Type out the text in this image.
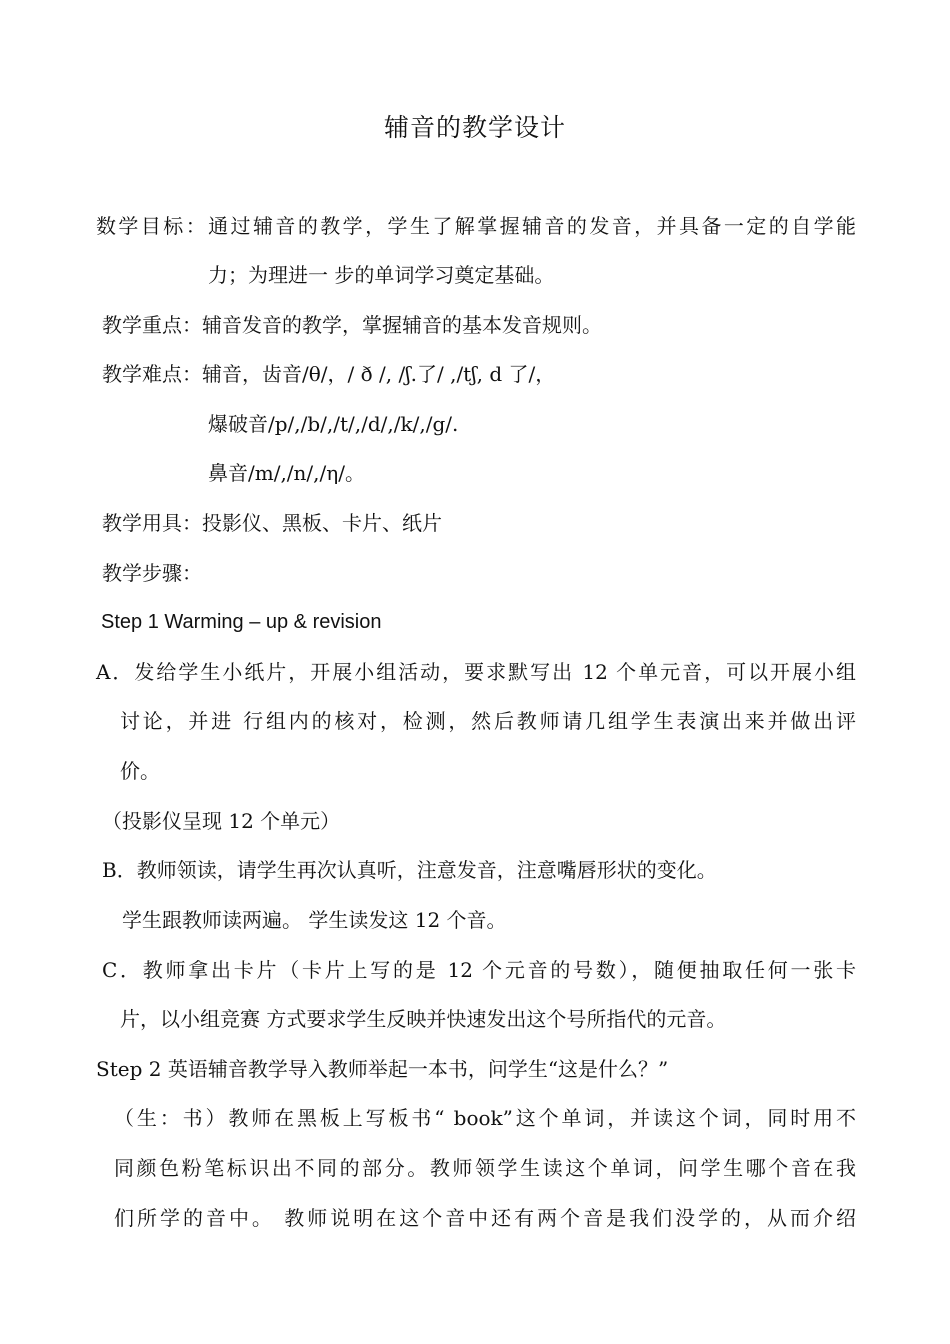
辅音的教学设计
数学目标：通过辅音的教学，学生了解掌握辅音的发音，并具备一定的自学能
力；为理进一 步的单词学习奠定基础。
教学重点：辅音发音的教学，掌握辅音的基本发音规则。
教学难点：辅音，齿音/θ/，/ ð /, /ʃ.了/ ,/tʃ, d 了/，
爆破音/p/,/b/,/t/,/d/,/k/,/g/.
鼻音/m/,/n/,/η/。
教学用具：投影仪、黑板、卡片、纸片
教学步骤：
Step 1 Warming – up & revision
A．发给学生小纸片，开展小组活动，要求默写出 12 个单元音，可以开展小组
讨论，并进 行组内的核对，检测，然后教师请几组学生表演出来并做出评
价。
（投影仪呈现 12 个单元）
B．教师领读，请学生再次认真听，注意发音，注意嘴唇形状的变化。
学生跟教师读两遍。 学生读发这 12 个音。
C．教师拿出卡片（卡片上写的是 12 个元音的号数），随便抽取任何一张卡
片，以小组竞赛 方式要求学生反映并快速发出这个号所指代的元音。
Step 2 英语辅音教学导入教师举起一本书，问学生“这是什么？”
（生：书）教师在黑板上写板书“ book”这个单词，并读这个词，同时用不
同颜色粉笔标识出不同的部分。教师领学生读这个单词，问学生哪个音在我
们所学的音中。 教师说明在这个音中还有两个音是我们没学的，从而介绍
